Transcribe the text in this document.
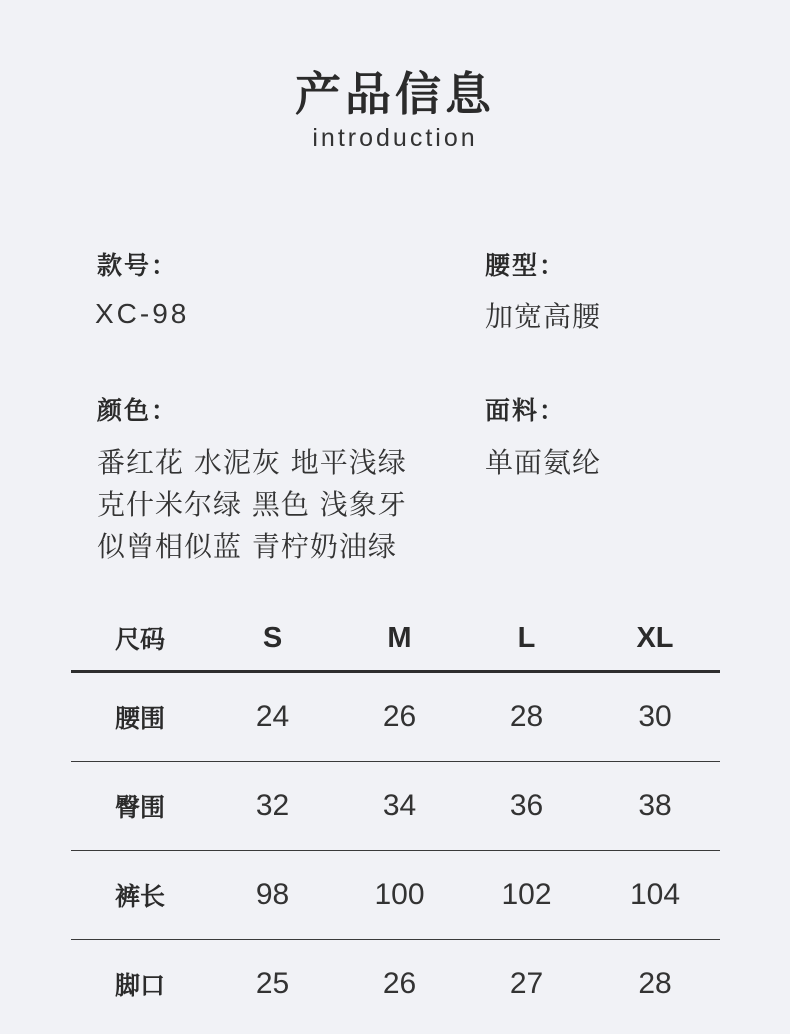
产品信息
introduction
款号：
XC-98
腰型：
加宽高腰
颜色：
番红花 水泥灰 地平浅绿
克什米尔绿 黑色 浅象牙
似曾相似蓝 青柠奶油绿
面料：
单面氨纶
尺码	S	M	L	XL
腰围	24	26	28	30
臀围	32	34	36	38
裤长	98	100	102	104
脚口	25	26	27	28
